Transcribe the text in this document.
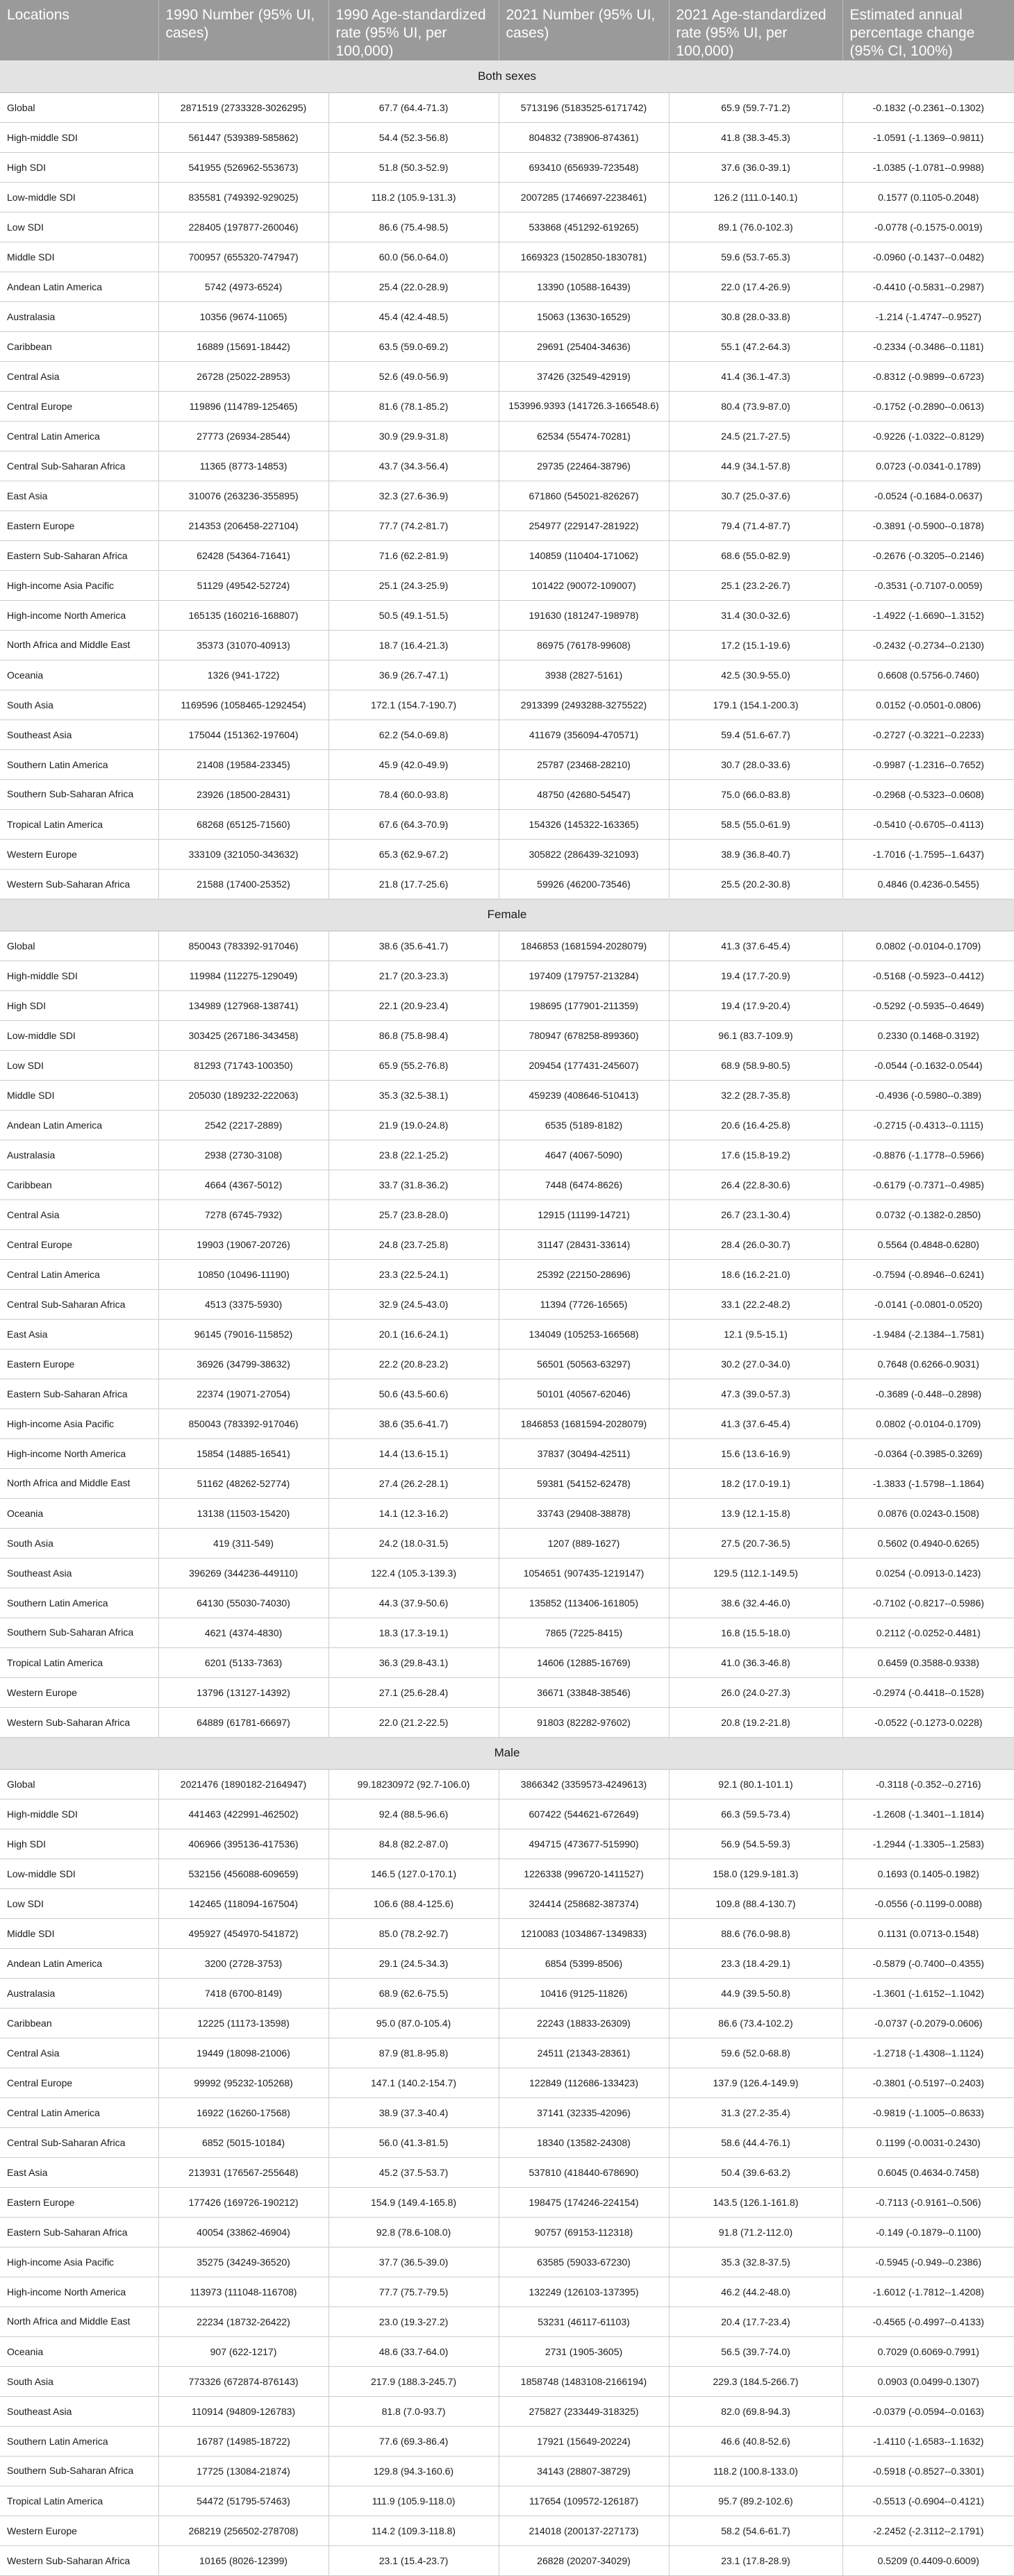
Locations	1990 Number (95% UI, cases)	1990 Age-standardized rate (95% UI, per 100,000)	2021 Number (95% UI, cases)	2021 Age-standardized rate (95% UI, per 100,000)	Estimated annual percentage change (95% CI, 100%)
Both sexes					
Global	2871519 (2733328-3026295)	67.7 (64.4-71.3)	5713196 (5183525-6171742)	65.9 (59.7-71.2)	-0.1832 (-0.2361--0.1302)
High-middle SDI	561447 (539389-585862)	54.4 (52.3-56.8)	804832 (738906-874361)	41.8 (38.3-45.3)	-1.0591 (-1.1369--0.9811)
High SDI	541955 (526962-553673)	51.8 (50.3-52.9)	693410 (656939-723548)	37.6 (36.0-39.1)	-1.0385 (-1.0781--0.9988)
Low-middle SDI	835581 (749392-929025)	118.2 (105.9-131.3)	2007285 (1746697-2238461)	126.2 (111.0-140.1)	0.1577 (0.1105-0.2048)
Low SDI	228405 (197877-260046)	86.6 (75.4-98.5)	533868 (451292-619265)	89.1 (76.0-102.3)	-0.0778 (-0.1575-0.0019)
Middle SDI	700957 (655320-747947)	60.0 (56.0-64.0)	1669323 (1502850-1830781)	59.6 (53.7-65.3)	-0.0960 (-0.1437--0.0482)
Andean Latin America	5742 (4973-6524)	25.4 (22.0-28.9)	13390 (10588-16439)	22.0 (17.4-26.9)	-0.4410 (-0.5831--0.2987)
Australasia	10356 (9674-11065)	45.4 (42.4-48.5)	15063 (13630-16529)	30.8 (28.0-33.8)	-1.214 (-1.4747--0.9527)
Caribbean	16889 (15691-18442)	63.5 (59.0-69.2)	29691 (25404-34636)	55.1 (47.2-64.3)	-0.2334 (-0.3486--0.1181)
Central Asia	26728 (25022-28953)	52.6 (49.0-56.9)	37426 (32549-42919)	41.4 (36.1-47.3)	-0.8312 (-0.9899--0.6723)
Central Europe	119896 (114789-125465)	81.6 (78.1-85.2)	153996.9393 (141726.3-166548.6)	80.4 (73.9-87.0)	-0.1752 (-0.2890--0.0613)
Central Latin America	27773 (26934-28544)	30.9 (29.9-31.8)	62534 (55474-70281)	24.5 (21.7-27.5)	-0.9226 (-1.0322--0.8129)
Central Sub-Saharan Africa	11365 (8773-14853)	43.7 (34.3-56.4)	29735 (22464-38796)	44.9 (34.1-57.8)	0.0723 (-0.0341-0.1789)
East Asia	310076 (263236-355895)	32.3 (27.6-36.9)	671860 (545021-826267)	30.7 (25.0-37.6)	-0.0524 (-0.1684-0.0637)
Eastern Europe	214353 (206458-227104)	77.7 (74.2-81.7)	254977 (229147-281922)	79.4 (71.4-87.7)	-0.3891 (-0.5900--0.1878)
Eastern Sub-Saharan Africa	62428 (54364-71641)	71.6 (62.2-81.9)	140859 (110404-171062)	68.6 (55.0-82.9)	-0.2676 (-0.3205--0.2146)
High-income Asia Pacific	51129 (49542-52724)	25.1 (24.3-25.9)	101422 (90072-109007)	25.1 (23.2-26.7)	-0.3531 (-0.7107-0.0059)
High-income North America	165135 (160216-168807)	50.5 (49.1-51.5)	191630 (181247-198978)	31.4 (30.0-32.6)	-1.4922 (-1.6690--1.3152)
North Africa and Middle East	35373 (31070-40913)	18.7 (16.4-21.3)	86975 (76178-99608)	17.2 (15.1-19.6)	-0.2432 (-0.2734--0.2130)
Oceania	1326 (941-1722)	36.9 (26.7-47.1)	3938 (2827-5161)	42.5 (30.9-55.0)	0.6608 (0.5756-0.7460)
South Asia	1169596 (1058465-1292454)	172.1 (154.7-190.7)	2913399 (2493288-3275522)	179.1 (154.1-200.3)	0.0152 (-0.0501-0.0806)
Southeast Asia	175044 (151362-197604)	62.2 (54.0-69.8)	411679 (356094-470571)	59.4 (51.6-67.7)	-0.2727 (-0.3221--0.2233)
Southern Latin America	21408 (19584-23345)	45.9 (42.0-49.9)	25787 (23468-28210)	30.7 (28.0-33.6)	-0.9987 (-1.2316--0.7652)
Southern Sub-Saharan Africa	23926 (18500-28431)	78.4 (60.0-93.8)	48750 (42680-54547)	75.0 (66.0-83.8)	-0.2968 (-0.5323--0.0608)
Tropical Latin America	68268 (65125-71560)	67.6 (64.3-70.9)	154326 (145322-163365)	58.5 (55.0-61.9)	-0.5410 (-0.6705--0.4113)
Western Europe	333109 (321050-343632)	65.3 (62.9-67.2)	305822 (286439-321093)	38.9 (36.8-40.7)	-1.7016 (-1.7595--1.6437)
Western Sub-Saharan Africa	21588 (17400-25352)	21.8 (17.7-25.6)	59926 (46200-73546)	25.5 (20.2-30.8)	0.4846 (0.4236-0.5455)
Female					
Global	850043 (783392-917046)	38.6 (35.6-41.7)	1846853 (1681594-2028079)	41.3 (37.6-45.4)	0.0802 (-0.0104-0.1709)
High-middle SDI	119984 (112275-129049)	21.7 (20.3-23.3)	197409 (179757-213284)	19.4 (17.7-20.9)	-0.5168 (-0.5923--0.4412)
High SDI	134989 (127968-138741)	22.1 (20.9-23.4)	198695 (177901-211359)	19.4 (17.9-20.4)	-0.5292 (-0.5935--0.4649)
Low-middle SDI	303425 (267186-343458)	86.8 (75.8-98.4)	780947 (678258-899360)	96.1 (83.7-109.9)	0.2330 (0.1468-0.3192)
Low SDI	81293 (71743-100350)	65.9 (55.2-76.8)	209454 (177431-245607)	68.9 (58.9-80.5)	-0.0544 (-0.1632-0.0544)
Middle SDI	205030 (189232-222063)	35.3 (32.5-38.1)	459239 (408646-510413)	32.2 (28.7-35.8)	-0.4936 (-0.5980--0.389)
Andean Latin America	2542 (2217-2889)	21.9 (19.0-24.8)	6535 (5189-8182)	20.6 (16.4-25.8)	-0.2715 (-0.4313--0.1115)
Australasia	2938 (2730-3108)	23.8 (22.1-25.2)	4647 (4067-5090)	17.6 (15.8-19.2)	-0.8876 (-1.1778--0.5966)
Caribbean	4664 (4367-5012)	33.7 (31.8-36.2)	7448 (6474-8626)	26.4 (22.8-30.6)	-0.6179 (-0.7371--0.4985)
Central Asia	7278 (6745-7932)	25.7 (23.8-28.0)	12915 (11199-14721)	26.7 (23.1-30.4)	0.0732 (-0.1382-0.2850)
Central Europe	19903 (19067-20726)	24.8 (23.7-25.8)	31147 (28431-33614)	28.4 (26.0-30.7)	0.5564 (0.4848-0.6280)
Central Latin America	10850 (10496-11190)	23.3 (22.5-24.1)	25392 (22150-28696)	18.6 (16.2-21.0)	-0.7594 (-0.8946--0.6241)
Central Sub-Saharan Africa	4513 (3375-5930)	32.9 (24.5-43.0)	11394 (7726-16565)	33.1 (22.2-48.2)	-0.0141 (-0.0801-0.0520)
East Asia	96145 (79016-115852)	20.1 (16.6-24.1)	134049 (105253-166568)	12.1 (9.5-15.1)	-1.9484 (-2.1384--1.7581)
Eastern Europe	36926 (34799-38632)	22.2 (20.8-23.2)	56501 (50563-63297)	30.2 (27.0-34.0)	0.7648 (0.6266-0.9031)
Eastern Sub-Saharan Africa	22374 (19071-27054)	50.6 (43.5-60.6)	50101 (40567-62046)	47.3 (39.0-57.3)	-0.3689 (-0.448--0.2898)
High-income Asia Pacific	850043 (783392-917046)	38.6 (35.6-41.7)	1846853 (1681594-2028079)	41.3 (37.6-45.4)	0.0802 (-0.0104-0.1709)
High-income North America	15854 (14885-16541)	14.4 (13.6-15.1)	37837 (30494-42511)	15.6 (13.6-16.9)	-0.0364 (-0.3985-0.3269)
North Africa and Middle East	51162 (48262-52774)	27.4 (26.2-28.1)	59381 (54152-62478)	18.2 (17.0-19.1)	-1.3833 (-1.5798--1.1864)
Oceania	13138 (11503-15420)	14.1 (12.3-16.2)	33743 (29408-38878)	13.9 (12.1-15.8)	0.0876 (0.0243-0.1508)
South Asia	419 (311-549)	24.2 (18.0-31.5)	1207 (889-1627)	27.5 (20.7-36.5)	0.5602 (0.4940-0.6265)
Southeast Asia	396269 (344236-449110)	122.4 (105.3-139.3)	1054651 (907435-1219147)	129.5 (112.1-149.5)	0.0254 (-0.0913-0.1423)
Southern Latin America	64130 (55030-74030)	44.3 (37.9-50.6)	135852 (113406-161805)	38.6 (32.4-46.0)	-0.7102 (-0.8217--0.5986)
Southern Sub-Saharan Africa	4621 (4374-4830)	18.3 (17.3-19.1)	7865 (7225-8415)	16.8 (15.5-18.0)	0.2112 (-0.0252-0.4481)
Tropical Latin America	6201 (5133-7363)	36.3 (29.8-43.1)	14606 (12885-16769)	41.0 (36.3-46.8)	0.6459 (0.3588-0.9338)
Western Europe	13796 (13127-14392)	27.1 (25.6-28.4)	36671 (33848-38546)	26.0 (24.0-27.3)	-0.2974 (-0.4418--0.1528)
Western Sub-Saharan Africa	64889 (61781-66697)	22.0 (21.2-22.5)	91803 (82282-97602)	20.8 (19.2-21.8)	-0.0522 (-0.1273-0.0228)
Male					
Global	2021476 (1890182-2164947)	99.18230972 (92.7-106.0)	3866342 (3359573-4249613)	92.1 (80.1-101.1)	-0.3118 (-0.352--0.2716)
High-middle SDI	441463 (422991-462502)	92.4 (88.5-96.6)	607422 (544621-672649)	66.3 (59.5-73.4)	-1.2608 (-1.3401--1.1814)
High SDI	406966 (395136-417536)	84.8 (82.2-87.0)	494715 (473677-515990)	56.9 (54.5-59.3)	-1.2944 (-1.3305--1.2583)
Low-middle SDI	532156 (456088-609659)	146.5 (127.0-170.1)	1226338 (996720-1411527)	158.0 (129.9-181.3)	0.1693 (0.1405-0.1982)
Low SDI	142465 (118094-167504)	106.6 (88.4-125.6)	324414 (258682-387374)	109.8 (88.4-130.7)	-0.0556 (-0.1199-0.0088)
Middle SDI	495927 (454970-541872)	85.0 (78.2-92.7)	1210083 (1034867-1349833)	88.6 (76.0-98.8)	0.1131 (0.0713-0.1548)
Andean Latin America	3200 (2728-3753)	29.1 (24.5-34.3)	6854 (5399-8506)	23.3 (18.4-29.1)	-0.5879 (-0.7400--0.4355)
Australasia	7418 (6700-8149)	68.9 (62.6-75.5)	10416 (9125-11826)	44.9 (39.5-50.8)	-1.3601 (-1.6152--1.1042)
Caribbean	12225 (11173-13598)	95.0 (87.0-105.4)	22243 (18833-26309)	86.6 (73.4-102.2)	-0.0737 (-0.2079-0.0606)
Central Asia	19449 (18098-21006)	87.9 (81.8-95.8)	24511 (21343-28361)	59.6 (52.0-68.8)	-1.2718 (-1.4308--1.1124)
Central Europe	99992 (95232-105268)	147.1 (140.2-154.7)	122849 (112686-133423)	137.9 (126.4-149.9)	-0.3801 (-0.5197--0.2403)
Central Latin America	16922 (16260-17568)	38.9 (37.3-40.4)	37141 (32335-42096)	31.3 (27.2-35.4)	-0.9819 (-1.1005--0.8633)
Central Sub-Saharan Africa	6852 (5015-10184)	56.0 (41.3-81.5)	18340 (13582-24308)	58.6 (44.4-76.1)	0.1199 (-0.0031-0.2430)
East Asia	213931 (176567-255648)	45.2 (37.5-53.7)	537810 (418440-678690)	50.4 (39.6-63.2)	0.6045 (0.4634-0.7458)
Eastern Europe	177426 (169726-190212)	154.9 (149.4-165.8)	198475 (174246-224154)	143.5 (126.1-161.8)	-0.7113 (-0.9161--0.506)
Eastern Sub-Saharan Africa	40054 (33862-46904)	92.8 (78.6-108.0)	90757 (69153-112318)	91.8 (71.2-112.0)	-0.149 (-0.1879--0.1100)
High-income Asia Pacific	35275 (34249-36520)	37.7 (36.5-39.0)	63585 (59033-67230)	35.3 (32.8-37.5)	-0.5945 (-0.949--0.2386)
High-income North America	113973 (111048-116708)	77.7 (75.7-79.5)	132249 (126103-137395)	46.2 (44.2-48.0)	-1.6012 (-1.7812--1.4208)
North Africa and Middle East	22234 (18732-26422)	23.0 (19.3-27.2)	53231 (46117-61103)	20.4 (17.7-23.4)	-0.4565 (-0.4997--0.4133)
Oceania	907 (622-1217)	48.6 (33.7-64.0)	2731 (1905-3605)	56.5 (39.7-74.0)	0.7029 (0.6069-0.7991)
South Asia	773326 (672874-876143)	217.9 (188.3-245.7)	1858748 (1483108-2166194)	229.3 (184.5-266.7)	0.0903 (0.0499-0.1307)
Southeast Asia	110914 (94809-126783)	81.8 (7.0-93.7)	275827 (233449-318325)	82.0 (69.8-94.3)	-0.0379 (-0.0594--0.0163)
Southern Latin America	16787 (14985-18722)	77.6 (69.3-86.4)	17921 (15649-20224)	46.6 (40.8-52.6)	-1.4110 (-1.6583--1.1632)
Southern Sub-Saharan Africa	17725 (13084-21874)	129.8 (94.3-160.6)	34143 (28807-38729)	118.2 (100.8-133.0)	-0.5918 (-0.8527--0.3301)
Tropical Latin America	54472 (51795-57463)	111.9 (105.9-118.0)	117654 (109572-126187)	95.7 (89.2-102.6)	-0.5513 (-0.6904--0.4121)
Western Europe	268219 (256502-278708)	114.2 (109.3-118.8)	214018 (200137-227173)	58.2 (54.6-61.7)	-2.2452 (-2.3112--2.1791)
Western Sub-Saharan Africa	10165 (8026-12399)	23.1 (15.4-23.7)	26828 (20207-34029)	23.1 (17.8-28.9)	0.5209 (0.4409-0.6009)
